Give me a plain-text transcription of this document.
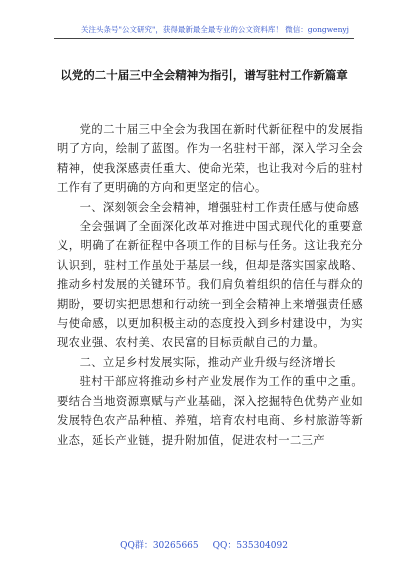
关注头条号"公文研究"，获得最新最全最专业的公文资料库！ 微信：gongwenyj
以党的二十届三中全会精神为指引，谱写驻村工作新篇章

党的二十届三中全会为我国在新时代新征程中的发展指明了方向，绘制了蓝图。作为一名驻村干部，深入学习全会精神，使我深感责任重大、使命光荣，也让我对今后的驻村工作有了更明确的方向和更坚定的信心。

一、深刻领会全会精神，增强驻村工作责任感与使命感

全会强调了全面深化改革对推进中国式现代化的重要意义，明确了在新征程中各项工作的目标与任务。这让我充分认识到，驻村工作虽处于基层一线，但却是落实国家战略、推动乡村发展的关键环节。我们肩负着组织的信任与群众的期盼，要切实把思想和行动统一到全会精神上来增强责任感与使命感，以更加积极主动的态度投入到乡村建设中，为实现农业强、农村美、农民富的目标贡献自己的力量。

二、立足乡村发展实际，推动产业升级与经济增长

驻村干部应将推动乡村产业发展作为工作的重中之重。要结合当地资源禀赋与产业基础，深入挖掘特色优势产业如发展特色农产品种植、养殖，培育农村电商、乡村旅游等新业态，延长产业链，提升附加值，促进农村一二三产

QQ群：30265665 QQ：535304092
